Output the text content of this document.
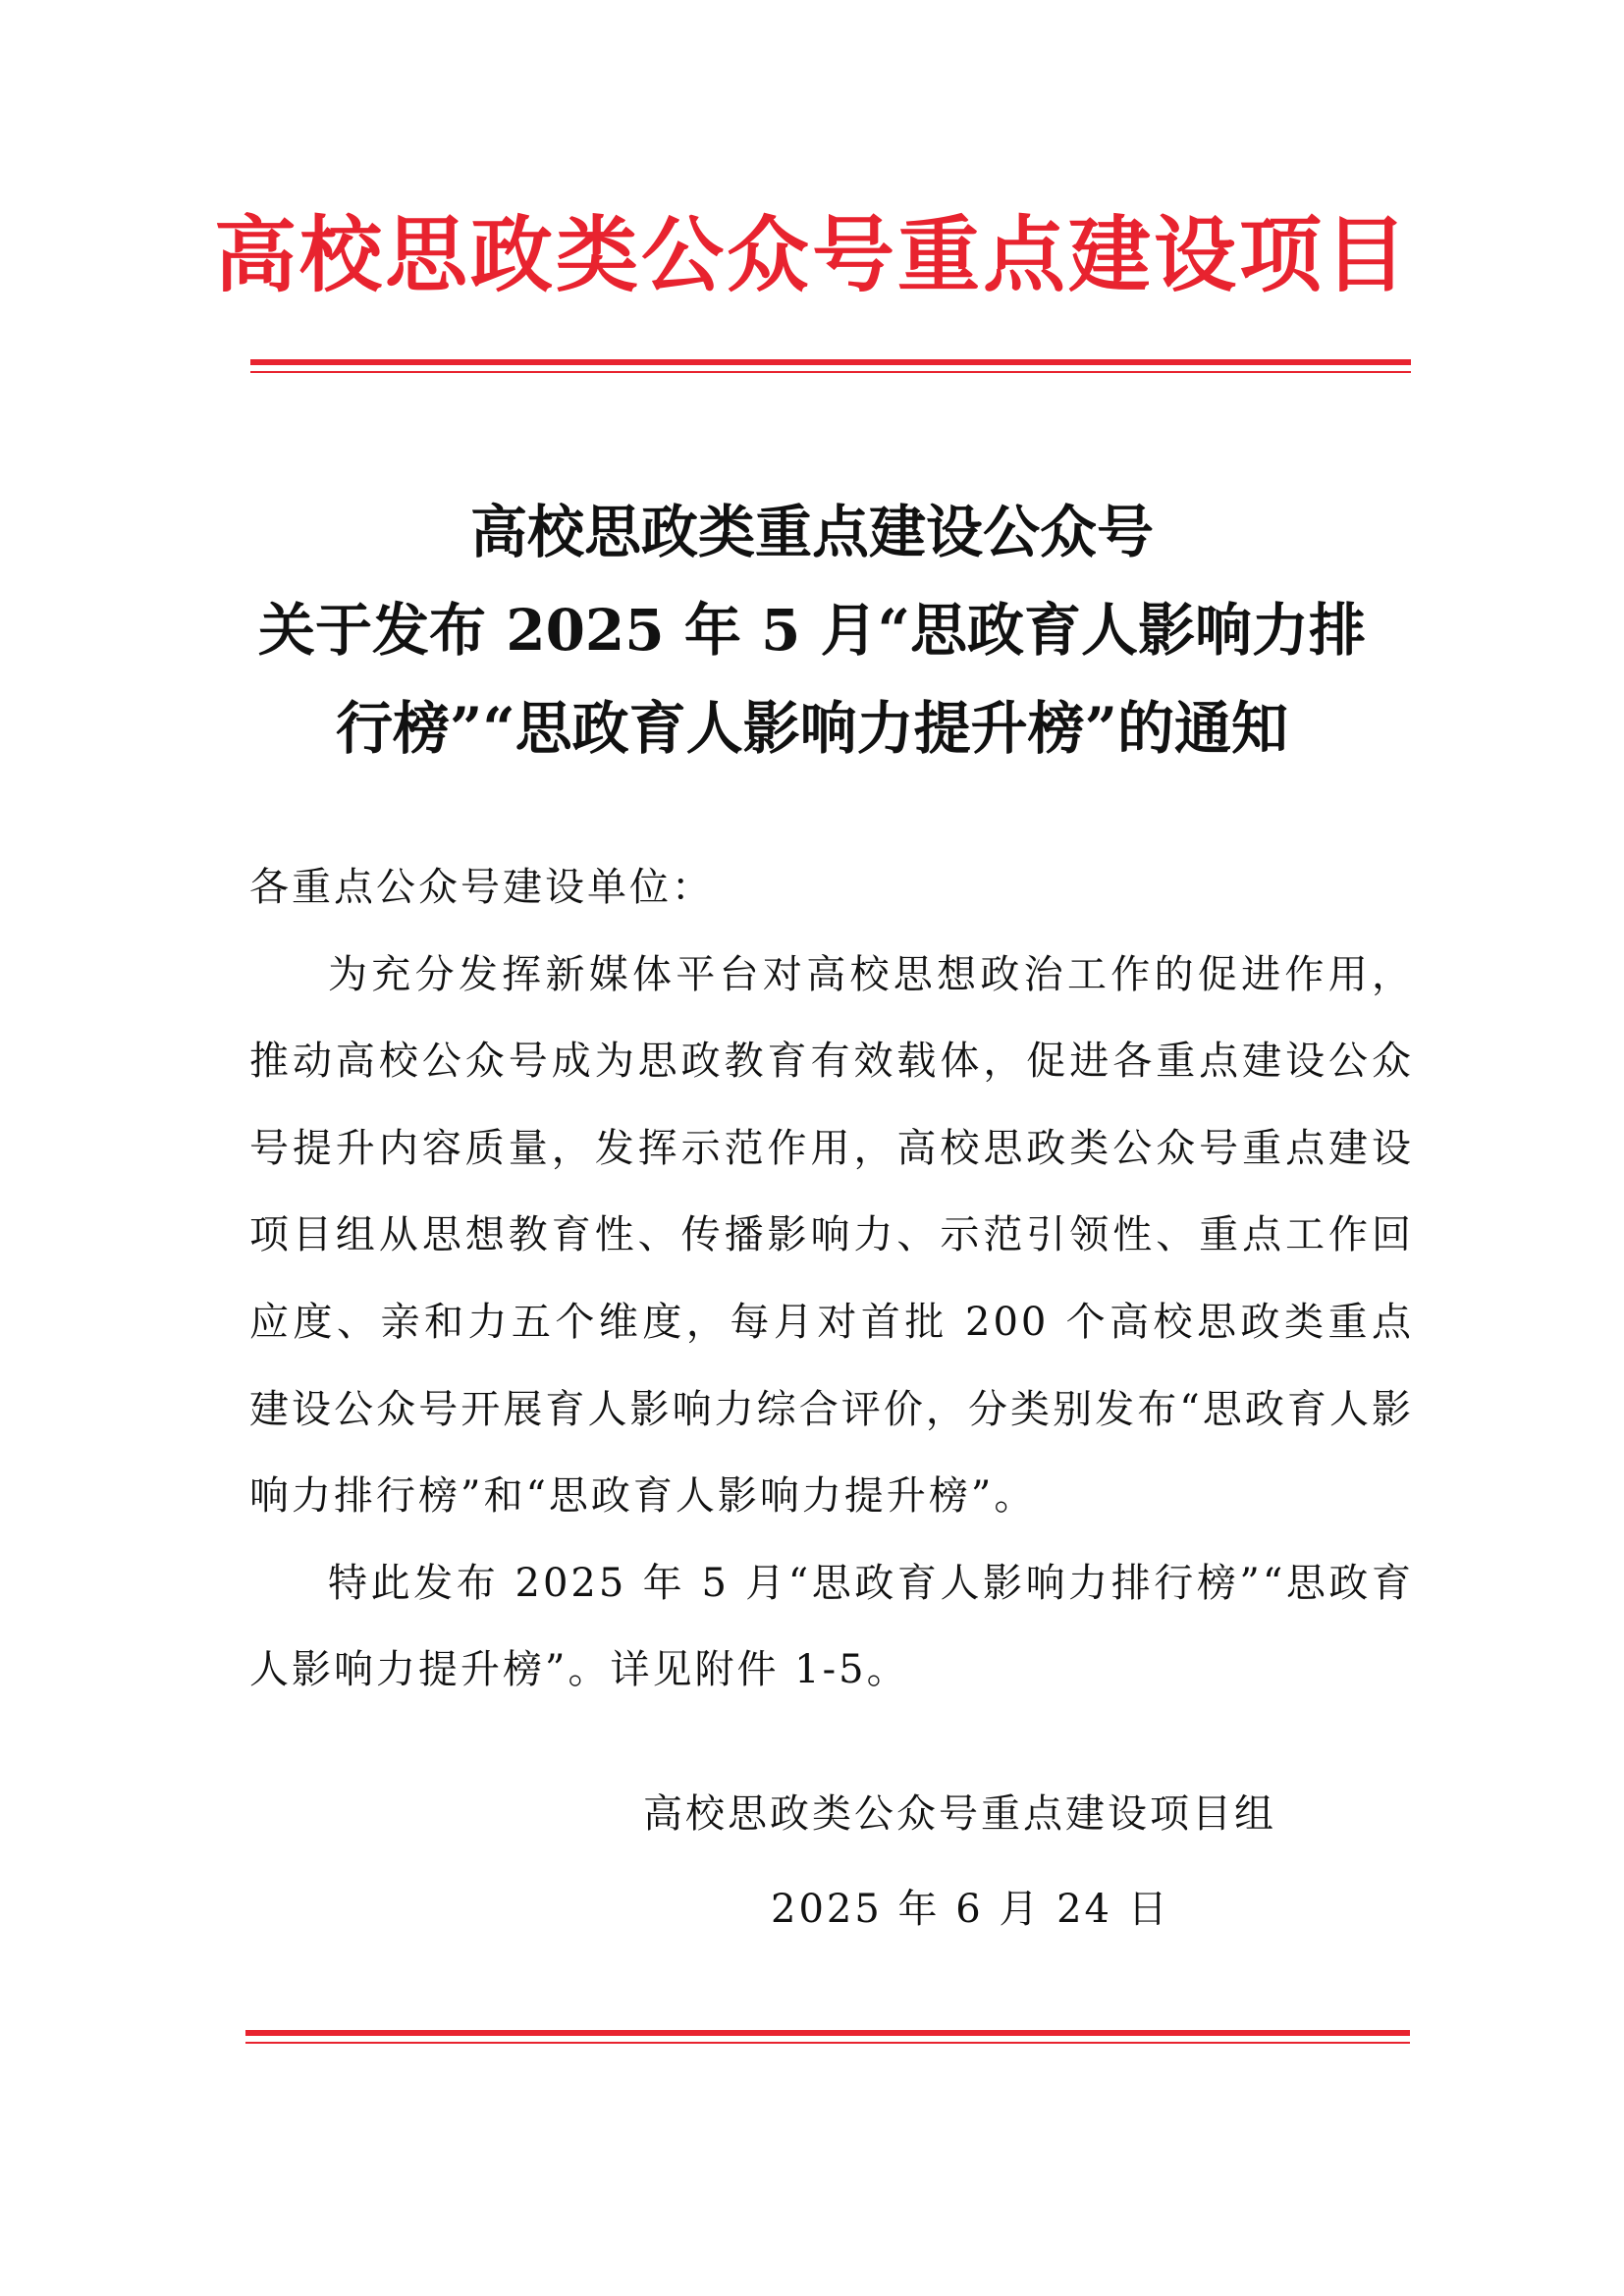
高校思政类公众号重点建设项目
高校思政类重点建设公众号
关于发布 2025 年 5 月“思政育人影响力排
行榜”“思政育人影响力提升榜”的通知

各重点公众号建设单位：

为充分发挥新媒体平台对高校思想政治工作的促进作用，推动高校公众号成为思政教育有效载体，促进各重点建设公众号提升内容质量，发挥示范作用，高校思政类公众号重点建设项目组从思想教育性、传播影响力、示范引领性、重点工作回应度、亲和力五个维度，每月对首批 200 个高校思政类重点建设公众号开展育人影响力综合评价，分类别发布“思政育人影响力排行榜”和“思政育人影响力提升榜”。

特此发布 2025 年 5 月“思政育人影响力排行榜”“思政育人影响力提升榜”。详见附件 1-5。

高校思政类公众号重点建设项目组
2025 年 6 月 24 日
